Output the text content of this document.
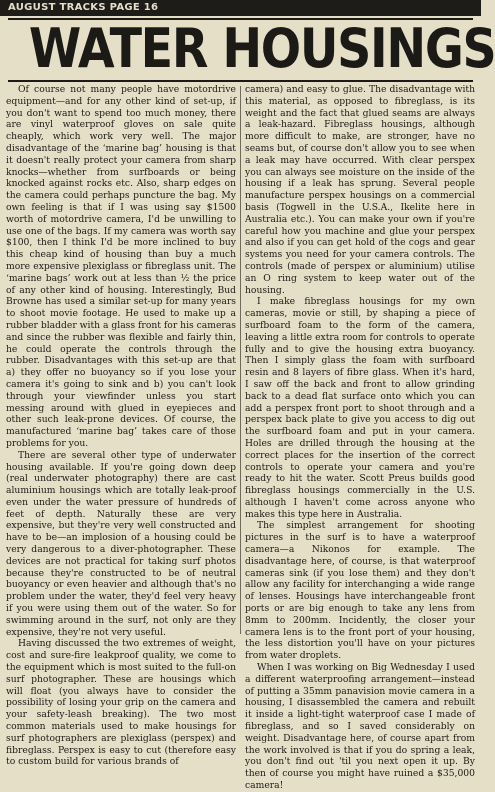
AUGUST TRACKS PAGE 16
WATER HOUSINGS

Of course not many people have motordrive equipment—and for any other kind of set-up, if you don't want to spend too much money, there are vinyl waterproof gloves on sale quite cheaply, which work very well. The major disadvantage of the ‘marine bag’ housing is that it doesn't really protect your camera from sharp knocks—whether from surfboards or being knocked against rocks etc. Also, sharp edges on the camera could perhaps puncture the bag. My own feeling is that if I was using say $1500 worth of motordrive camera, I'd be unwilling to use one of the bags. If my camera was worth say $100, then I think I'd be more inclined to buy this cheap kind of housing than buy a much more expensive plexiglass or fibreglass unit. The ‘marine bags’ work out at less than ½ the price of any other kind of housing. Interestingly, Bud Browne has used a similar set-up for many years to shoot movie footage. He used to make up a rubber bladder with a glass front for his cameras and since the rubber was flexible and fairly thin, he could operate the controls through the rubber. Disadvantages with this set-up are that a) they offer no buoyancy so if you lose your camera it's going to sink and b) you can't look through your viewfinder unless you start messing around with glued in eyepieces and other such leak-prone devices. Of course, the manufactured ‘marine bag’ takes care of those problems for you.

There are several other type of underwater housing available. If you're going down deep (real underwater photography) there are cast aluminium housings which are totally leak-proof even under the water pressure of hundreds of feet of depth. Naturally these are very expensive, but they're very well constructed and have to be—an implosion of a housing could be very dangerous to a diver-photographer. These devices are not practical for taking surf photos because they're constructed to be of neutral buoyancy or even heavier and although that's no problem under the water, they'd feel very heavy if you were using them out of the water. So for swimming around in the surf, not only are they expensive, they're not very useful.

Having discussed the two extremes of weight, cost and sure-fire leakproof quality, we come to the equipment which is most suited to the full-on surf photographer. These are housings which will float (you always have to consider the possibility of losing your grip on the camera and your safety-leash breaking). The two most common materials used to make housings for surf photographers are plexiglass (perspex) and fibreglass. Perspex is easy to cut (therefore easy to custom build for various brands of

camera) and easy to glue. The disadvantage with this material, as opposed to fibreglass, is its weight and the fact that glued seams are always a leak-hazard. Fibreglass housings, although more difficult to make, are stronger, have no seams but, of course don't allow you to see when a leak may have occurred. With clear perspex you can always see moisture on the inside of the housing if a leak has sprung. Several people manufacture perspex housings on a commercial basis (Togwell in the U.S.A., Ikelite here in Australia etc.). You can make your own if you're careful how you machine and glue your perspex and also if you can get hold of the cogs and gear systems you need for your camera controls. The controls (made of perspex or aluminium) utilise an O ring system to keep water out of the housing.

I make fibreglass housings for my own cameras, movie or still, by shaping a piece of surfboard foam to the form of the camera, leaving a little extra room for controls to operate fully and to give the housing extra buoyancy. Then I simply glass the foam with surfboard resin and 8 layers of fibre glass. When it's hard, I saw off the back and front to allow grinding back to a dead flat surface onto which you can add a perspex front port to shoot through and a perspex back plate to give you access to dig out the surfboard foam and put in your camera. Holes are drilled through the housing at the correct places for the insertion of the correct controls to operate your camera and you're ready to hit the water. Scott Preus builds good fibreglass housings commercially in the U.S. although I haven't come across anyone who makes this type here in Australia.

The simplest arrangement for shooting pictures in the surf is to have a waterproof camera—a Nikonos for example. The disadvantage here, of course, is that waterproof cameras sink (if you lose them) and they don't allow any facility for interchanging a wide range of lenses. Housings have interchangeable front ports or are big enough to take any lens from 8mm to 200mm. Incidently, the closer your camera lens is to the front port of your housing, the less distortion you'll have on your pictures from water droplets.

When I was working on Big Wednesday I used a different waterproofing arrangement—instead of putting a 35mm panavision movie camera in a housing, I disassembled the camera and rebuilt it inside a light-tight waterproof case I made of fibreglass, and so I saved considerably on weight. Disadvantage here, of course apart from the work involved is that if you do spring a leak, you don't find out 'til you next open it up. By then of course you might have ruined a $35,000 camera!
